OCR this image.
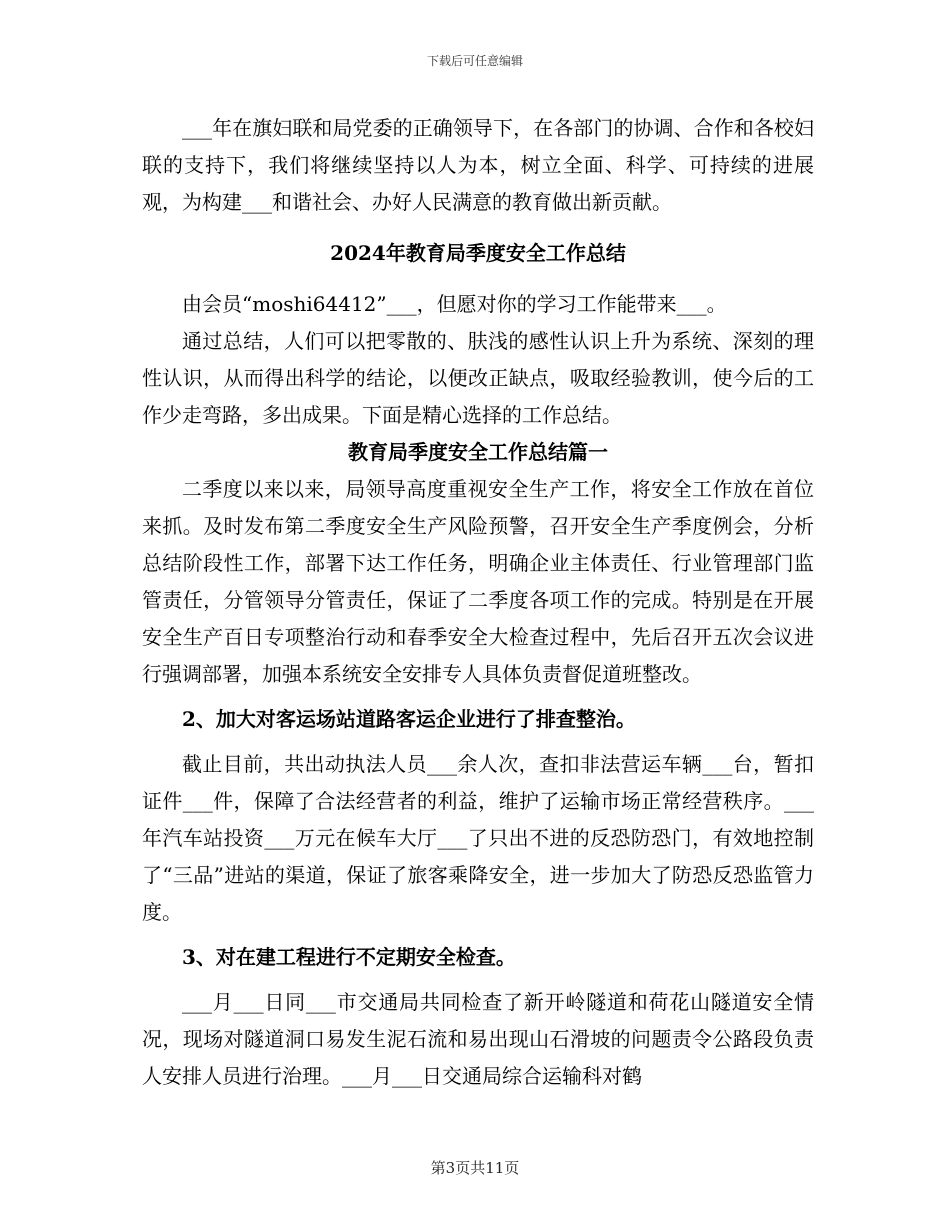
下载后可任意编辑

___年在旗妇联和局党委的正确领导下，在各部门的协调、合作和各校妇联的支持下，我们将继续坚持以人为本，树立全面、科学、可持续的进展观，为构建___和谐社会、办好人民满意的教育做出新贡献。

2024年教育局季度安全工作总结

由会员“moshi64412”___，但愿对你的学习工作能带来___。

通过总结，人们可以把零散的、肤浅的感性认识上升为系统、深刻的理性认识，从而得出科学的结论，以便改正缺点，吸取经验教训，使今后的工作少走弯路，多出成果。下面是精心选择的工作总结。

教育局季度安全工作总结篇一

二季度以来以来，局领导高度重视安全生产工作，将安全工作放在首位来抓。及时发布第二季度安全生产风险预警，召开安全生产季度例会，分析总结阶段性工作，部署下达工作任务，明确企业主体责任、行业管理部门监管责任，分管领导分管责任，保证了二季度各项工作的完成。特别是在开展安全生产百日专项整治行动和春季安全大检查过程中，先后召开五次会议进行强调部署，加强本系统安全安排专人具体负责督促道班整改。

2、加大对客运场站道路客运企业进行了排查整治。

截止目前，共出动执法人员___余人次，查扣非法营运车辆___台，暂扣证件___件，保障了合法经营者的利益，维护了运输市场正常经营秩序。___年汽车站投资___万元在候车大厅___了只出不进的反恐防恐门，有效地控制了“三品”进站的渠道，保证了旅客乘降安全，进一步加大了防恐反恐监管力度。

3、对在建工程进行不定期安全检查。

___月___日同___市交通局共同检查了新开岭隧道和荷花山隧道安全情况，现场对隧道洞口易发生泥石流和易出现山石滑坡的问题责令公路段负责人安排人员进行治理。___月___日交通局综合运输科对鹤

第3页共11页
